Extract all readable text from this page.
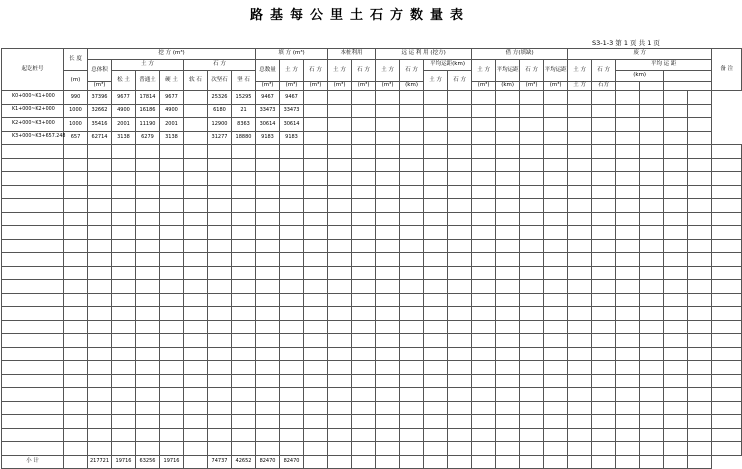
路基每公里土石方数量表
S3-1-3 第 1 页 共 1 页
起讫桩号	长 度	挖 方 (m³)							填 方 (m³)			本桩利用		远 运 利 用 (挖方)				借 方(填缺)				废 方						备 注
		总体积	土 方			石 方			总数量	土 方	石 方	土 方	石 方	土 方	石 方	平均运距(km)		土 方	平均运距	石 方	平均运距	土 方	石 方	平均 运 距				
	(m)		松 土	普通土	硬 土	软 石	次坚石	坚 石								土 方	石 方							(km)				
		(m³)							(m³)	(m³)	(m³)	(m³)	(m³)	(m³)	(km)			(m³)	(km)	(m³)	(m³)	土 方	石方					
K0+000~K1+000	990	37396	9677	17814	9677		25326	15295	9467	9467																		
K1+000~K2+000	1000	32662	4900	16186	4900		6180	21	33473	33473																		
K2+000~K3+000	1000	35416	2001	11190	2001		12900	8363	30614	30614																		
K3+000~K3+657.248	657	62714	3138	6279	3138		31277	18880	9183	9183																		

小 计		217721	19716	63256	19716		74737	42652	82470	82470																		
